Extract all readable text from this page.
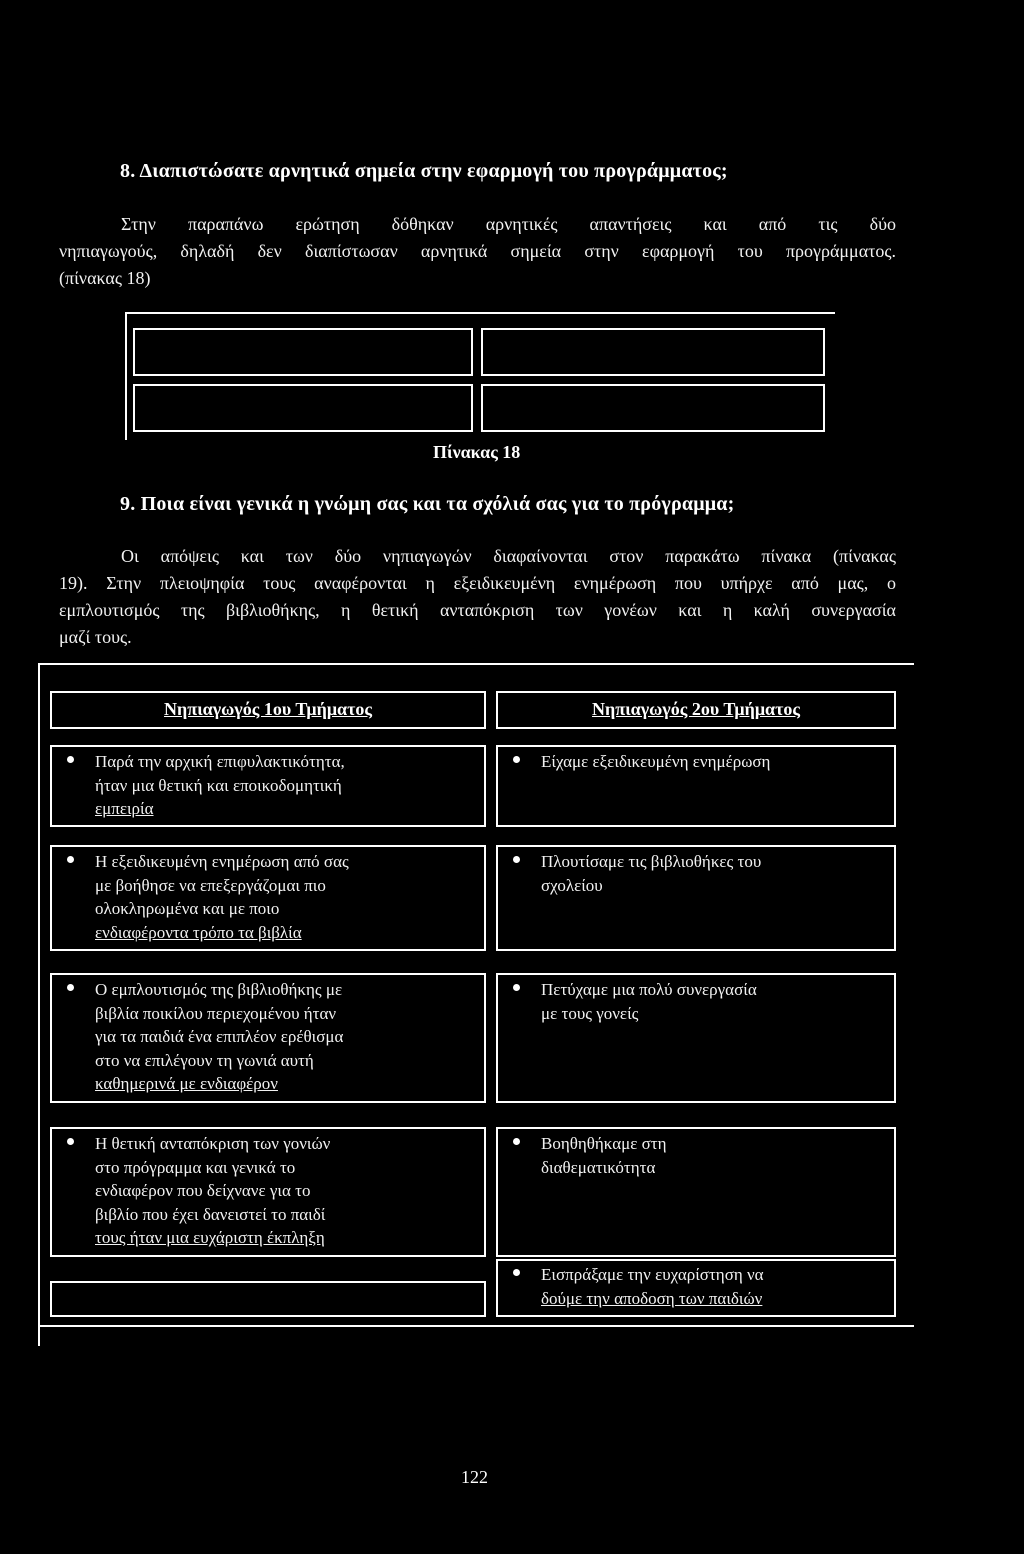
8. Διαπιστώσατε αρνητικά σημεία στην εφαρμογή του προγράμματος;
Στην παραπάνω ερώτηση δόθηκαν αρνητικές απαντήσεις και από τις δύο
νηπιαγωγούς, δηλαδή δεν διαπίστωσαν αρνητικά σημεία στην εφαρμογή του προγράμματος.
(πίνακας 18)
Πίνακας 18
9. Ποια είναι γενικά η γνώμη σας και τα σχόλιά σας για το πρόγραμμα;
Οι απόψεις και των δύο νηπιαγωγών διαφαίνονται στον παρακάτω πίνακα (πίνακας
19). Στην πλειοψηφία τους αναφέρονται η εξειδικευμένη ενημέρωση που υπήρχε από μας, ο
εμπλουτισμός της βιβλιοθήκης, η θετική ανταπόκριση των γονέων και η καλή συνεργασία
μαζί τους.
Νηπιαγωγός 1ου Τμήματος	Νηπιαγωγός 2ου Τμήματος
Παρά την αρχική επιφυλακτικότητα,
ήταν μια θετική και εποικοδομητική
εμπειρία
Είχαμε εξειδικευμένη ενημέρωση
Η εξειδικευμένη ενημέρωση από σας
με βοήθησε να επεξεργάζομαι πιο
ολοκληρωμένα και με ποιο
ενδιαφέροντα τρόπο τα βιβλία
Πλουτίσαμε τις βιβλιοθήκες του
σχολείου
Ο εμπλουτισμός της βιβλιοθήκης με
βιβλία ποικίλου περιεχομένου ήταν
για τα παιδιά ένα επιπλέον ερέθισμα
στο να επιλέγουν τη γωνιά αυτή
καθημερινά με ενδιαφέρον
Πετύχαμε μια πολύ συνεργασία
με τους γονείς
Η θετική ανταπόκριση των γονιών
στο πρόγραμμα και γενικά το
ενδιαφέρον που δείχνανε για το
βιβλίο που έχει δανειστεί το παιδί
τους ήταν μια ευχάριστη έκπληξη
Βοηθηθήκαμε στη
διαθεματικότητα
Εισπράξαμε την ευχαρίστηση να
δούμε την αποδοση των παιδιών
122
